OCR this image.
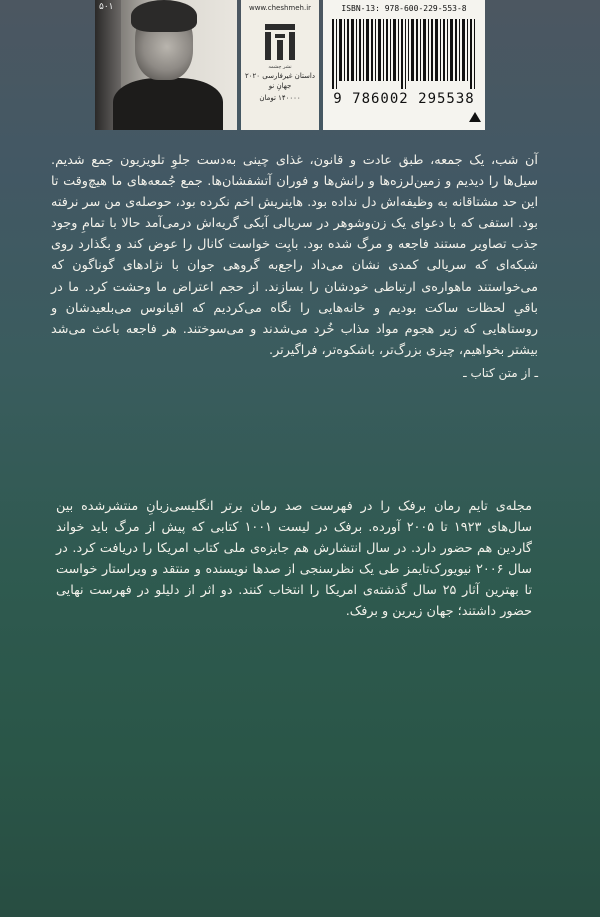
۵۰۱	www.cheshmeh.ir
نشر چشمه
داستان غیرفارسی ۲۰۲۰
جهانِ نو
۱۴۰۰۰۰ تومان
ISBN-13: 978-600-229-553-8
9 786002 295538

آن شب، یک جمعه، طبق عادت و قانون، غذای چینی به‌دست جلوِ تلویزیون جمع شدیم. سیل‌ها را دیدیم و زمین‌لرزه‌ها و رانش‌ها و فوران آتشفشان‌ها. جمع جُمعه‌های ما هیچ‌وقت تا این حد مشتاقانه به وظیفه‌اش دل نداده بود. هاینریش اخم نکرده بود، حوصله‌ی من سر نرفته بود. استفی که با دعوای یک زن‌وشوهر در سریالی آبکی گریه‌اش درمی‌آمد حالا با تمامِ وجود جذب تصاویر مستند فاجعه و مرگ شده بود. بابِت خواست کانال را عوض کند و بگذارد روی شبکه‌ای که سریالی کمدی نشان می‌داد راجع‌به گروهی جوان با نژادهای گوناگون که می‌خواستند ماهواره‌ی ارتباطی خودشان را بسازند. از حجم اعتراض ما وحشت کرد. ما در باقیِ لحظات ساکت بودیم و خانه‌هایی را نگاه می‌کردیم که اقیانوس می‌بلعیدشان و روستاهایی که زیر هجوم مواد مذاب خُرد می‌شدند و می‌سوختند. هر فاجعه باعث می‌شد بیشتر بخواهیم، چیزی بزرگ‌تر، باشکوه‌تر، فراگیرتر.

ـ از متن کتاب ـ

مجله‌ی تایم رمان برفک را در فهرست صد رمان برتر انگلیسی‌زبانِ منتشرشده بین سال‌های ۱۹۲۳ تا ۲۰۰۵ آورده. برفک در لیست ۱۰۰۱ کتابی که پیش از مرگ باید خواند گاردین هم حضور دارد. در سال انتشارش هم جایزه‌ی ملی کتاب امریکا را دریافت کرد. در سال ۲۰۰۶ نیویورک‌تایمز طی یک نظرسنجی از صدها نویسنده و منتقد و ویراستار خواست تا بهترین آثار ۲۵ سال گذشته‌ی امریکا را انتخاب کنند. دو اثر از دلیلو در فهرست نهایی حضور داشتند؛ جهان زیرین و برفک.
